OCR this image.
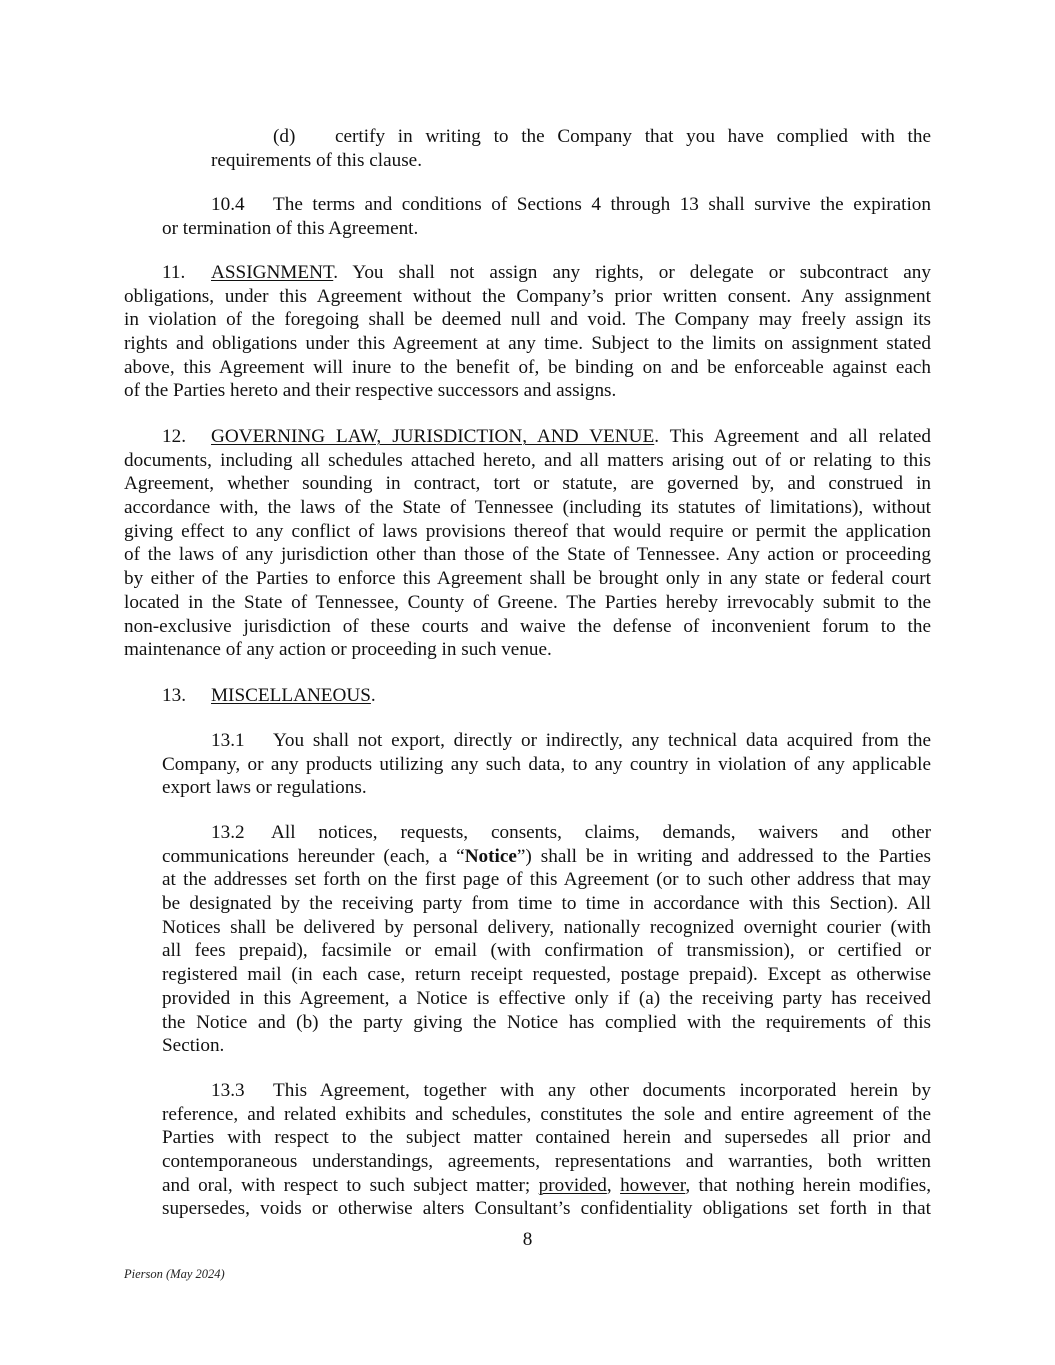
(d) certify in writing to the Company that you have complied with the
requirements of this clause.
10.4 The terms and conditions of Sections 4 through 13 shall survive the expiration
or termination of this Agreement.
11. ASSIGNMENT. You shall not assign any rights, or delegate or subcontract any
obligations, under this Agreement without the Company’s prior written consent. Any assignment
in violation of the foregoing shall be deemed null and void. The Company may freely assign its
rights and obligations under this Agreement at any time. Subject to the limits on assignment stated
above, this Agreement will inure to the benefit of, be binding on and be enforceable against each
of the Parties hereto and their respective successors and assigns.
12. GOVERNING LAW, JURISDICTION, AND VENUE. This Agreement and all related
documents, including all schedules attached hereto, and all matters arising out of or relating to this
Agreement, whether sounding in contract, tort or statute, are governed by, and construed in
accordance with, the laws of the State of Tennessee (including its statutes of limitations), without
giving effect to any conflict of laws provisions thereof that would require or permit the application
of the laws of any jurisdiction other than those of the State of Tennessee. Any action or proceeding
by either of the Parties to enforce this Agreement shall be brought only in any state or federal court
located in the State of Tennessee, County of Greene. The Parties hereby irrevocably submit to the
non-exclusive jurisdiction of these courts and waive the defense of inconvenient forum to the
maintenance of any action or proceeding in such venue.
13. MISCELLANEOUS.
13.1 You shall not export, directly or indirectly, any technical data acquired from the
Company, or any products utilizing any such data, to any country in violation of any applicable
export laws or regulations.
13.2 All notices, requests, consents, claims, demands, waivers and other
communications hereunder (each, a “Notice”) shall be in writing and addressed to the Parties
at the addresses set forth on the first page of this Agreement (or to such other address that may
be designated by the receiving party from time to time in accordance with this Section). All
Notices shall be delivered by personal delivery, nationally recognized overnight courier (with
all fees prepaid), facsimile or email (with confirmation of transmission), or certified or
registered mail (in each case, return receipt requested, postage prepaid). Except as otherwise
provided in this Agreement, a Notice is effective only if (a) the receiving party has received
the Notice and (b) the party giving the Notice has complied with the requirements of this
Section.
13.3 This Agreement, together with any other documents incorporated herein by
reference, and related exhibits and schedules, constitutes the sole and entire agreement of the
Parties with respect to the subject matter contained herein and supersedes all prior and
contemporaneous understandings, agreements, representations and warranties, both written
and oral, with respect to such subject matter; provided, however, that nothing herein modifies,
supersedes, voids or otherwise alters Consultant’s confidentiality obligations set forth in that
8
Pierson (May 2024)
